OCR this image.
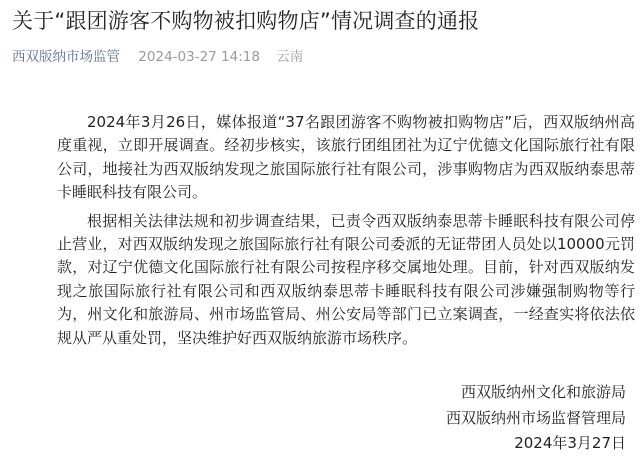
关于“跟团游客不购物被扣购物店”情况调查的通报
西双版纳市场监管 2024-03-27 14:18 云南

2024年3月26日，媒体报道“37名跟团游客不购物被扣购物店”后，西双版纳州高度重视，立即开展调查。经初步核实，该旅行团组团社为辽宁优德文化国际旅行社有限公司，地接社为西双版纳发现之旅国际旅行社有限公司，涉事购物店为西双版纳泰思蒂卡睡眠科技有限公司。

根据相关法律法规和初步调查结果，已责令西双版纳泰思蒂卡睡眠科技有限公司停止营业，对西双版纳发现之旅国际旅行社有限公司委派的无证带团人员处以10000元罚款，对辽宁优德文化国际旅行社有限公司按程序移交属地处理。目前，针对西双版纳发现之旅国际旅行社有限公司和西双版纳泰思蒂卡睡眠科技有限公司涉嫌强制购物等行为，州文化和旅游局、州市场监管局、州公安局等部门已立案调查，一经查实将依法依规从严从重处罚，坚决维护好西双版纳旅游市场秩序。

西双版纳州文化和旅游局
西双版纳州市场监督管理局
2024年3月27日
